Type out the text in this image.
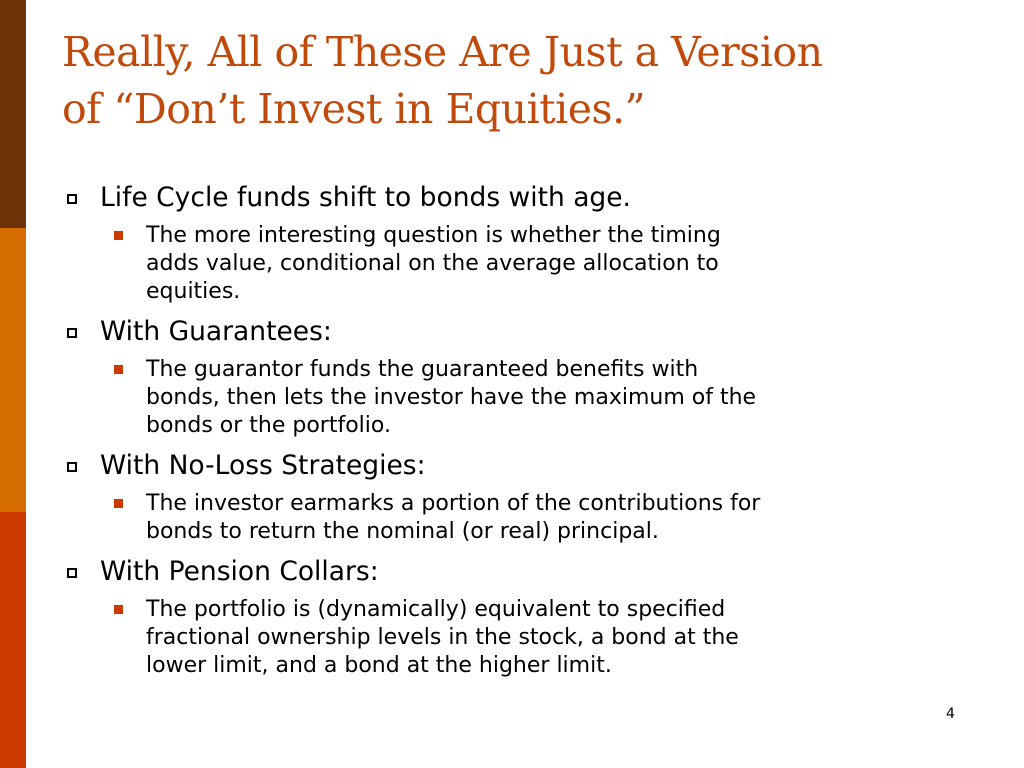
Really, All of These Are Just a Version
of “Don’t Invest in Equities.”
Life Cycle funds shift to bonds with age.
The more interesting question is whether the timing
adds value, conditional on the average allocation to
equities.
With Guarantees:
The guarantor funds the guaranteed benefits with
bonds, then lets the investor have the maximum of the
bonds or the portfolio.
With No-Loss Strategies:
The investor earmarks a portion of the contributions for
bonds to return the nominal (or real) principal.
With Pension Collars:
The portfolio is (dynamically) equivalent to specified
fractional ownership levels in the stock, a bond at the
lower limit, and a bond at the higher limit.
4
